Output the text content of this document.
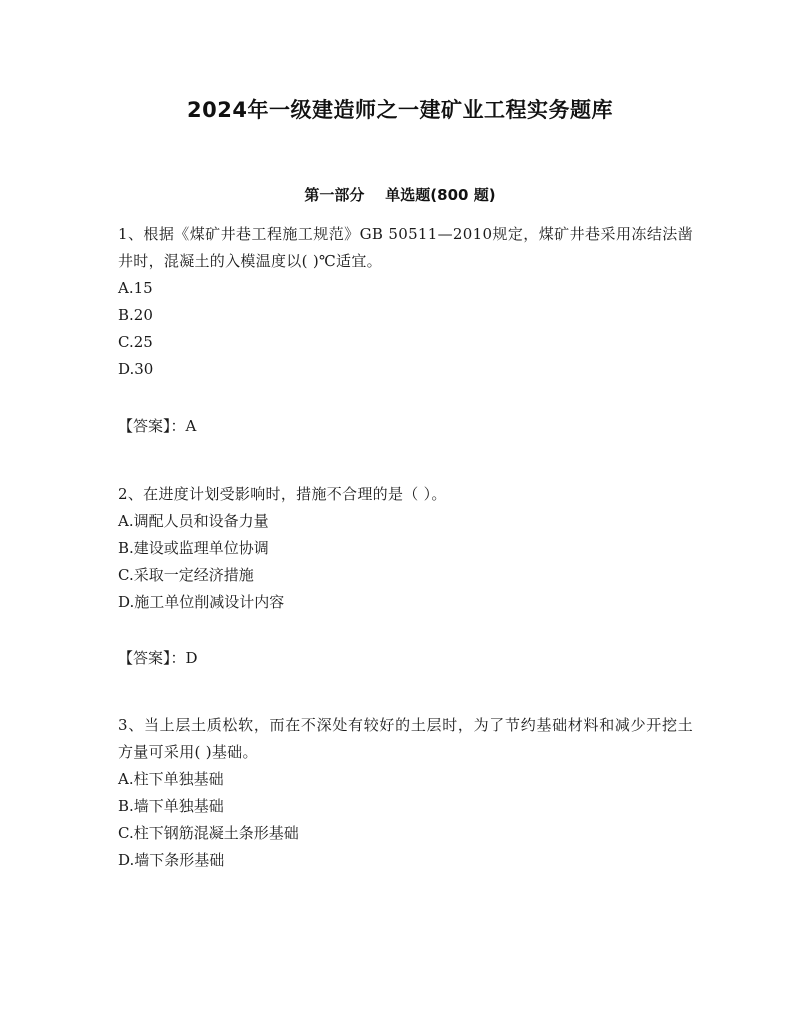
2024年一级建造师之一建矿业工程实务题库
第一部分    单选题(800 题)

1、根据《煤矿井巷工程施工规范》GB 50511—2010规定，煤矿井巷采用冻结法凿井时，混凝土的入模温度以( )℃适宜。

A.15
B.20
C.25
D.30
【答案】：A

2、在进度计划受影响时，措施不合理的是（ ）。

A.调配人员和设备力量
B.建设或监理单位协调
C.采取一定经济措施
D.施工单位削减设计内容
【答案】：D

3、当上层土质松软，而在不深处有较好的土层时，为了节约基础材料和减少开挖土方量可采用( )基础。

A.柱下单独基础
B.墙下单独基础
C.柱下钢筋混凝土条形基础
D.墙下条形基础
